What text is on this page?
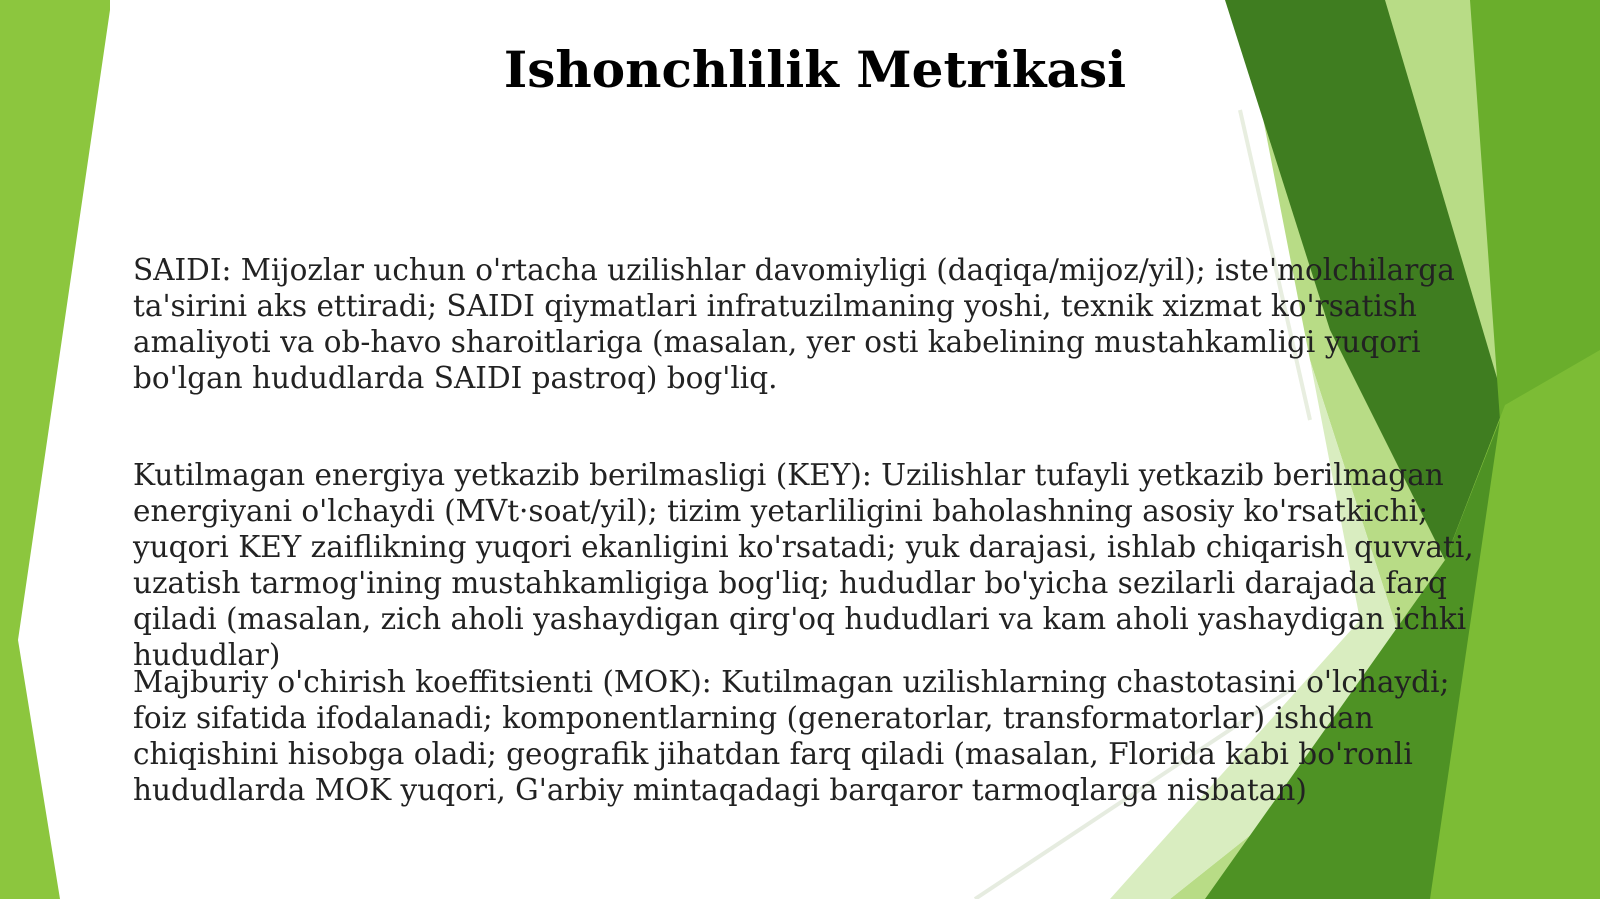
Ishonchlilik Metrikasi

SAIDI: Mijozlar uchun o'rtacha uzilishlar davomiyligi (daqiqa/mijoz/yil); iste'molchilarga ta'sirini aks ettiradi; SAIDI qiymatlari infratuzilmaning yoshi, texnik xizmat ko'rsatish amaliyoti va ob-havo sharoitlariga (masalan, yer osti kabelining mustahkamligi yuqori bo'lgan hududlarda SAIDI pastroq) bog'liq.

Kutilmagan energiya yetkazib berilmasligi (KEY): Uzilishlar tufayli yetkazib berilmagan energiyani o'lchaydi (MVt·soat/yil); tizim yetarliligini baholashning asosiy ko'rsatkichi; yuqori KEY zaiflikning yuqori ekanligini ko'rsatadi; yuk darajasi, ishlab chiqarish quvvati, uzatish tarmog'ining mustahkamligiga bog'liq; hududlar bo'yicha sezilarli darajada farq qiladi (masalan, zich aholi yashaydigan qirg'oq hududlari va kam aholi yashaydigan ichki hududlar)

Majburiy o'chirish koeffitsienti (MOK): Kutilmagan uzilishlarning chastotasini o'lchaydi; foiz sifatida ifodalanadi; komponentlarning (generatorlar, transformatorlar) ishdan chiqishini hisobga oladi; geografik jihatdan farq qiladi (masalan, Florida kabi bo'ronli hududlarda MOK yuqori, G'arbiy mintaqadagi barqaror tarmoqlarga nisbatan)
